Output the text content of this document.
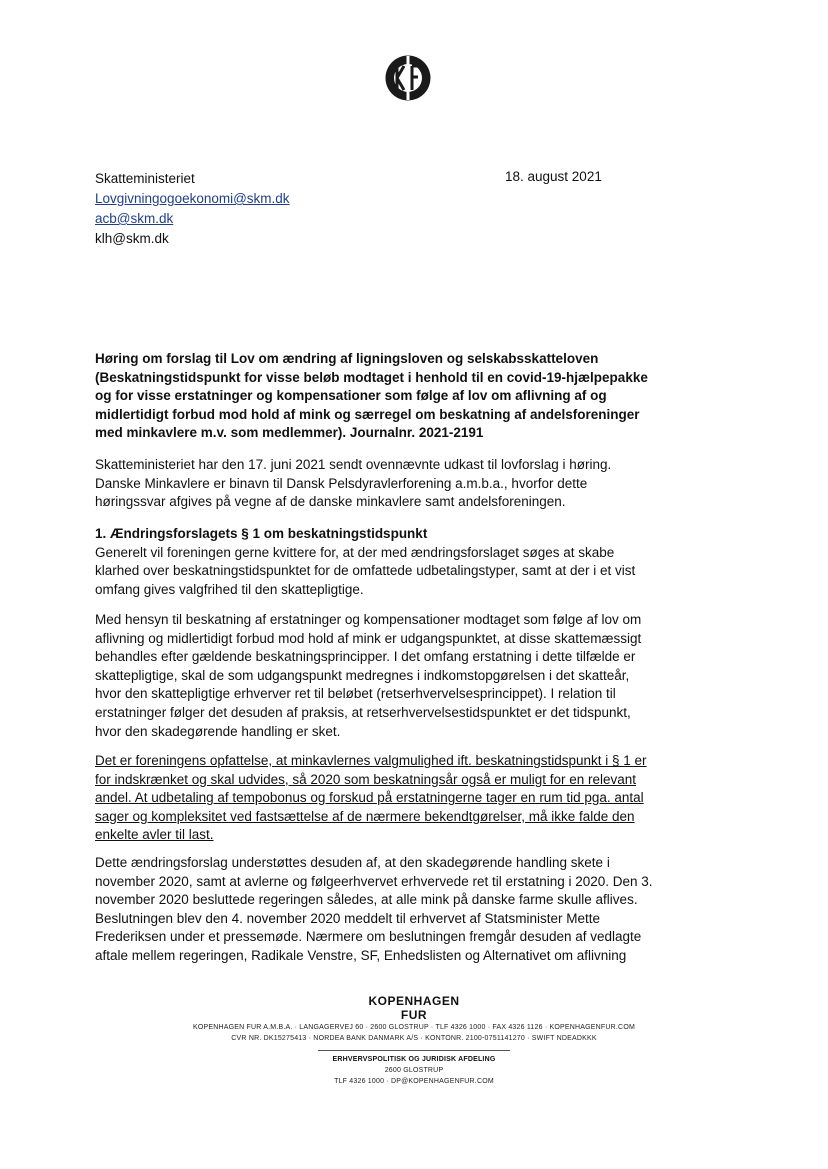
Skatteministeriet
Lovgivningogoekonomi@skm.dk
acb@skm.dk
klh@skm.dk
18. august 2021

Høring om forslag til Lov om ændring af ligningsloven og selskabsskatteloven (Beskatningstidspunkt for visse beløb modtaget i henhold til en covid-19-hjælpepakke og for visse erstatninger og kompensationer som følge af lov om aflivning af og midlertidigt forbud mod hold af mink og særregel om beskatning af andelsforeninger med minkavlere m.v. som medlemmer). Journalnr. 2021-2191

Skatteministeriet har den 17. juni 2021 sendt ovennævnte udkast til lovforslag i høring. Danske Minkavlere er binavn til Dansk Pelsdyravlerforening a.m.b.a., hvorfor dette høringssvar afgives på vegne af de danske minkavlere samt andelsforeningen.

1. Ændringsforslagets § 1 om beskatningstidspunkt
Generelt vil foreningen gerne kvittere for, at der med ændringsforslaget søges at skabe klarhed over beskatningstidspunktet for de omfattede udbetalingstyper, samt at der i et vist omfang gives valgfrihed til den skattepligtige.

Med hensyn til beskatning af erstatninger og kompensationer modtaget som følge af lov om aflivning og midlertidigt forbud mod hold af mink er udgangspunktet, at disse skattemæssigt behandles efter gældende beskatningsprincipper. I det omfang erstatning i dette tilfælde er skattepligtige, skal de som udgangspunkt medregnes i indkomstopgørelsen i det skatteår, hvor den skattepligtige erhverver ret til beløbet (retserhvervelsesprincippet). I relation til erstatninger følger det desuden af praksis, at retserhvervelsestidspunktet er det tidspunkt, hvor den skadegørende handling er sket.

Det er foreningens opfattelse, at minkavlernes valgmulighed ift. beskatningstidspunkt i § 1 er for indskrænket og skal udvides, så 2020 som beskatningsår også er muligt for en relevant andel. At udbetaling af tempobonus og forskud på erstatningerne tager en rum tid pga. antal sager og kompleksitet ved fastsættelse af de nærmere bekendtgørelser, må ikke falde den enkelte avler til last.

Dette ændringsforslag understøttes desuden af, at den skadegørende handling skete i november 2020, samt at avlerne og følgeerhvervet erhvervede ret til erstatning i 2020. Den 3. november 2020 besluttede regeringen således, at alle mink på danske farme skulle aflives. Beslutningen blev den 4. november 2020 meddelt til erhvervet af Statsminister Mette Frederiksen under et pressemøde. Nærmere om beslutningen fremgår desuden af vedlagte aftale mellem regeringen, Radikale Venstre, SF, Enhedslisten og Alternativet om aflivning

KOPENHAGEN
FUR
KOPENHAGEN FUR A.M.B.A. · LANGAGERVEJ 60 · 2600 GLOSTRUP · TLF 4326 1000 · FAX 4326 1126 · KOPENHAGENFUR.COM
CVR NR. DK15275413 · NORDEA BANK DANMARK A/S · KONTONR. 2100-0751141270 · SWIFT NDEADKKK
ERHVERVSPOLITISK OG JURIDISK AFDELING
2600 GLOSTRUP
TLF 4326 1000 · DP@KOPENHAGENFUR.COM
